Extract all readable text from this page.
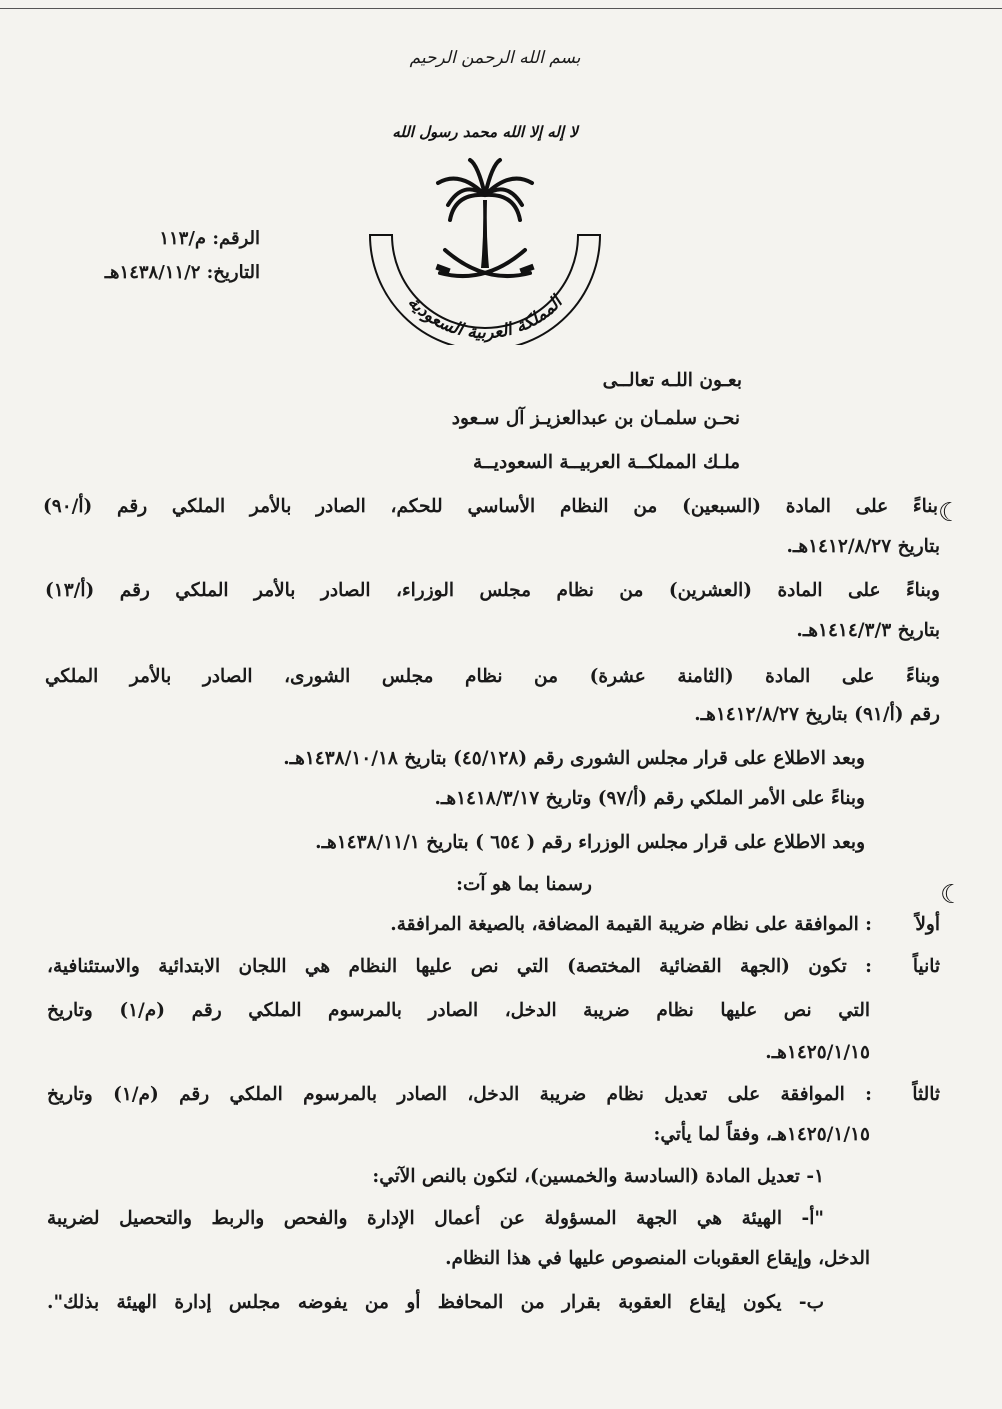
بسم الله الرحمن الرحيم
لا إله إلا الله محمد رسول الله
المملكة العربية السعودية
الرقم: م/١١٣
التاريخ: ١٤٣٨/١١/٢هـ
بعـون اللـه تعالــى
نحـن سلمـان بن عبدالعزيـز آل سـعود
ملـك المملكــة العربيــة السعوديــة
☾
بناءً على المادة (السبعين) من النظام الأساسي للحكم، الصادر بالأمر الملكي رقم (أ/٩٠)
بتاريخ ١٤١٢/٨/٢٧هـ.
وبناءً على المادة (العشرين) من نظام مجلس الوزراء، الصادر بالأمر الملكي رقم (أ/١٣)
بتاريخ ١٤١٤/٣/٣هـ.
وبناءً على المادة (الثامنة عشرة) من نظام مجلس الشورى، الصادر بالأمر الملكي
رقم (أ/٩١) بتاريخ ١٤١٢/٨/٢٧هـ.
وبعد الاطلاع على قرار مجلس الشورى رقم (٤٥/١٢٨) بتاريخ ١٤٣٨/١٠/١٨هـ.
وبناءً على الأمر الملكي رقم (أ/٩٧) وتاريخ ١٤١٨/٣/١٧هـ.
وبعد الاطلاع على قرار مجلس الوزراء رقم ( ٦٥٤ ) بتاريخ ١٤٣٨/١١/١هـ.
رسمنا بما هو آت:	☾
أولاً
: الموافقة على نظام ضريبة القيمة المضافة، بالصيغة المرافقة.
ثانياً
: تكون (الجهة القضائية المختصة) التي نص عليها النظام هي اللجان الابتدائية والاستئنافية،
التي نص عليها نظام ضريبة الدخل، الصادر بالمرسوم الملكي رقم (م/١) وتاريخ
١٤٢٥/١/١٥هـ.
ثالثاً
: الموافقة على تعديل نظام ضريبة الدخل، الصادر بالمرسوم الملكي رقم (م/١) وتاريخ
١٤٢٥/١/١٥هـ، وفقاً لما يأتي:
١- تعديل المادة (السادسة والخمسين)، لتكون بالنص الآتي:
"أ- الهيئة هي الجهة المسؤولة عن أعمال الإدارة والفحص والربط والتحصيل لضريبة
الدخل، وإيقاع العقوبات المنصوص عليها في هذا النظام.
ب- يكون إيقاع العقوبة بقرار من المحافظ أو من يفوضه مجلس إدارة الهيئة بذلك".
